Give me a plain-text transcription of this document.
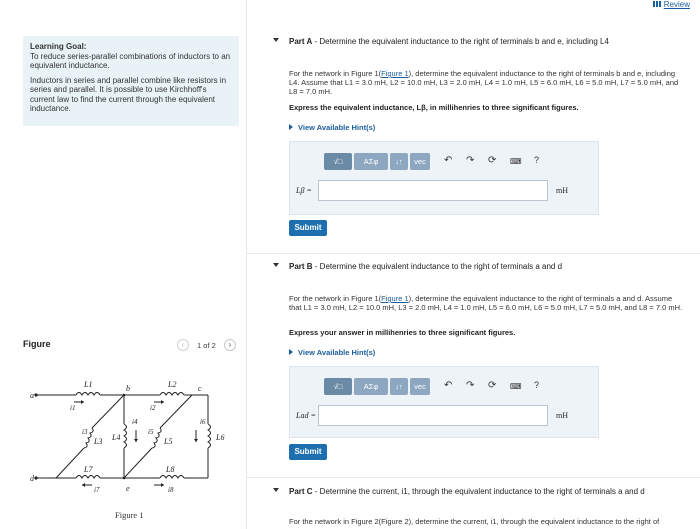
Learning Goal:
To reduce series-parallel combinations of inductors to an equivalent inductance.

Inductors in series and parallel combine like resistors in series and parallel. It is possible to use Kirchhoff's current law to find the current through the equivalent inductance.

Figure	‹	1 of 2	›
a
d
b	c
e
L1	L2
L3 L4	L5	L6
L7	L8
i1	i2
i3
i4
i5
i6
i7	i8
Figure 1
Review
Part A - Determine the equivalent inductance to the right of terminals b and e, including L4
For the network in Figure 1(Figure 1), determine the equivalent inductance to the right of terminals b and e, including L4. Assume that L1 = 3.0 mH, L2 = 10.0 mH, L3 = 2.0 mH, L4 = 1.0 mH, L5 = 6.0 mH, L6 = 5.0 mH, L7 = 5.0 mH, and L8 = 7.0 mH.
Express the equivalent inductance, Lβ, in millihenries to three significant figures.
View Available Hint(s)
√□	ΑΣφ	↓↑	vec	↶ ↷ ⟳ ⌨ ?
Lβ =	mH
Submit
Part B - Determine the equivalent inductance to the right of terminals a and d
For the network in Figure 1(Figure 1), determine the equivalent inductance to the right of terminals a and d. Assume that L1 = 3.0 mH, L2 = 10.0 mH, L3 = 2.0 mH, L4 = 1.0 mH, L5 = 6.0 mH, L6 = 5.0 mH, L7 = 5.0 mH, and L8 = 7.0 mH.
Express your answer in millihenries to three significant figures.
View Available Hint(s)
√□	ΑΣφ	↓↑	vec	↶ ↷ ⟳ ⌨ ?
Lad =	mH
Submit
Part C - Determine the current, i1, through the equivalent inductance to the right of terminals a and d
For the network in Figure 2(Figure 2), determine the current, i1, through the equivalent inductance to the right of
